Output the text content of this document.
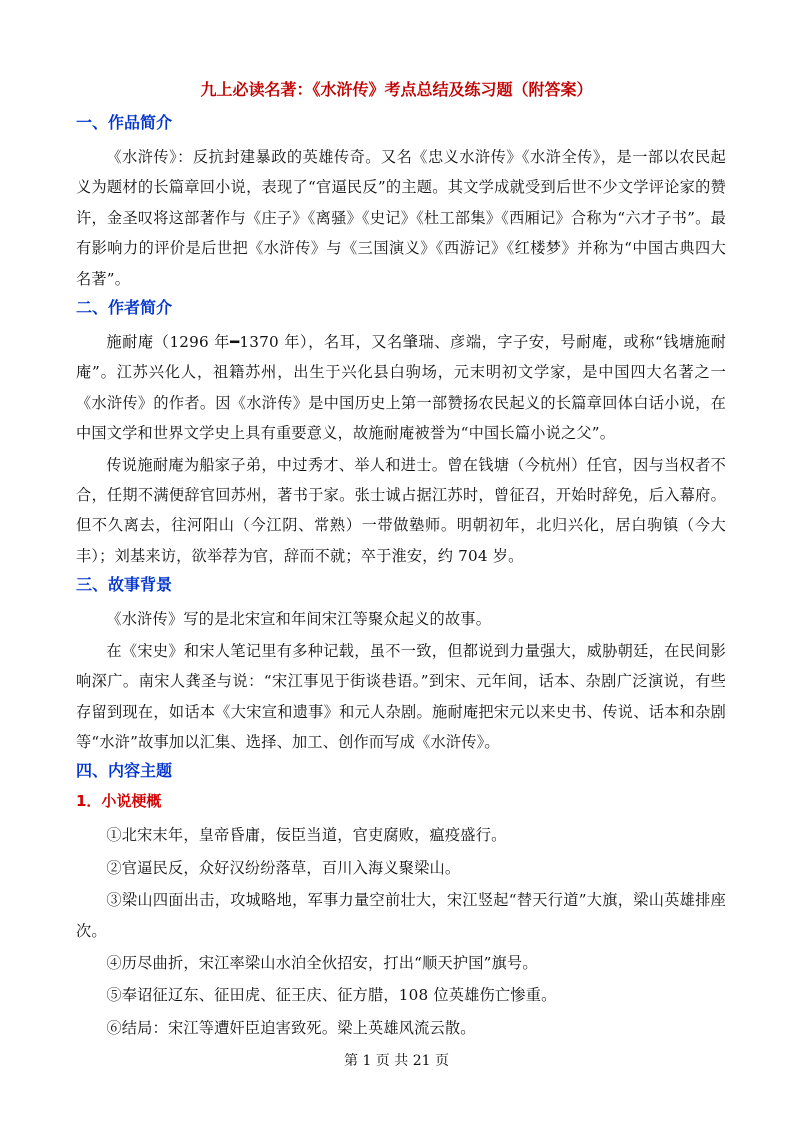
九上必读名著：《水浒传》考点总结及练习题（附答案）
一、作品简介
《水浒传》：反抗封建暴政的英雄传奇。又名《忠义水浒传》《水浒全传》，是一部以农民起义为题材的长篇章回小说，表现了“官逼民反”的主题。其文学成就受到后世不少文学评论家的赞许，金圣叹将这部著作与《庄子》《离骚》《史记》《杜工部集》《西厢记》合称为“六才子书”。最有影响力的评价是后世把《水浒传》与《三国演义》《西游记》《红楼梦》并称为“中国古典四大名著”。
二、作者简介
施耐庵（1296 年━1370 年），名耳，又名肇瑞、彦端，字子安，号耐庵，或称“钱塘施耐庵”。江苏兴化人，祖籍苏州，出生于兴化县白驹场，元末明初文学家，是中国四大名著之一《水浒传》的作者。因《水浒传》是中国历史上第一部赞扬农民起义的长篇章回体白话小说，在中国文学和世界文学史上具有重要意义，故施耐庵被誉为“中国长篇小说之父”。
传说施耐庵为船家子弟，中过秀才、举人和进士。曾在钱塘（今杭州）任官，因与当权者不合，任期不满便辞官回苏州，著书于家。张士诚占据江苏时，曾征召，开始时辞免，后入幕府。但不久离去，往河阳山（今江阴、常熟）一带做塾师。明朝初年，北归兴化，居白驹镇（今大丰）；刘基来访，欲举荐为官，辞而不就；卒于淮安，约 704 岁。
三、故事背景
《水浒传》写的是北宋宣和年间宋江等聚众起义的故事。
在《宋史》和宋人笔记里有多种记载，虽不一致，但都说到力量强大，威胁朝廷，在民间影响深广。南宋人龚圣与说：“宋江事见于街谈巷语。”到宋、元年间，话本、杂剧广泛演说，有些存留到现在，如话本《大宋宣和遗事》和元人杂剧。施耐庵把宋元以来史书、传说、话本和杂剧等“水浒”故事加以汇集、选择、加工、创作而写成《水浒传》。
四、内容主题
1．小说梗概
①北宋末年，皇帝昏庸，佞臣当道，官吏腐败，瘟疫盛行。
②官逼民反，众好汉纷纷落草，百川入海义聚梁山。
③梁山四面出击，攻城略地，军事力量空前壮大，宋江竖起“替天行道”大旗，梁山英雄排座次。
④历尽曲折，宋江率梁山水泊全伙招安，打出“顺天护国”旗号。
⑤奉诏征辽东、征田虎、征王庆、征方腊，108 位英雄伤亡惨重。
⑥结局：宋江等遭奸臣迫害致死。梁上英雄风流云散。
第 1 页 共 21 页
